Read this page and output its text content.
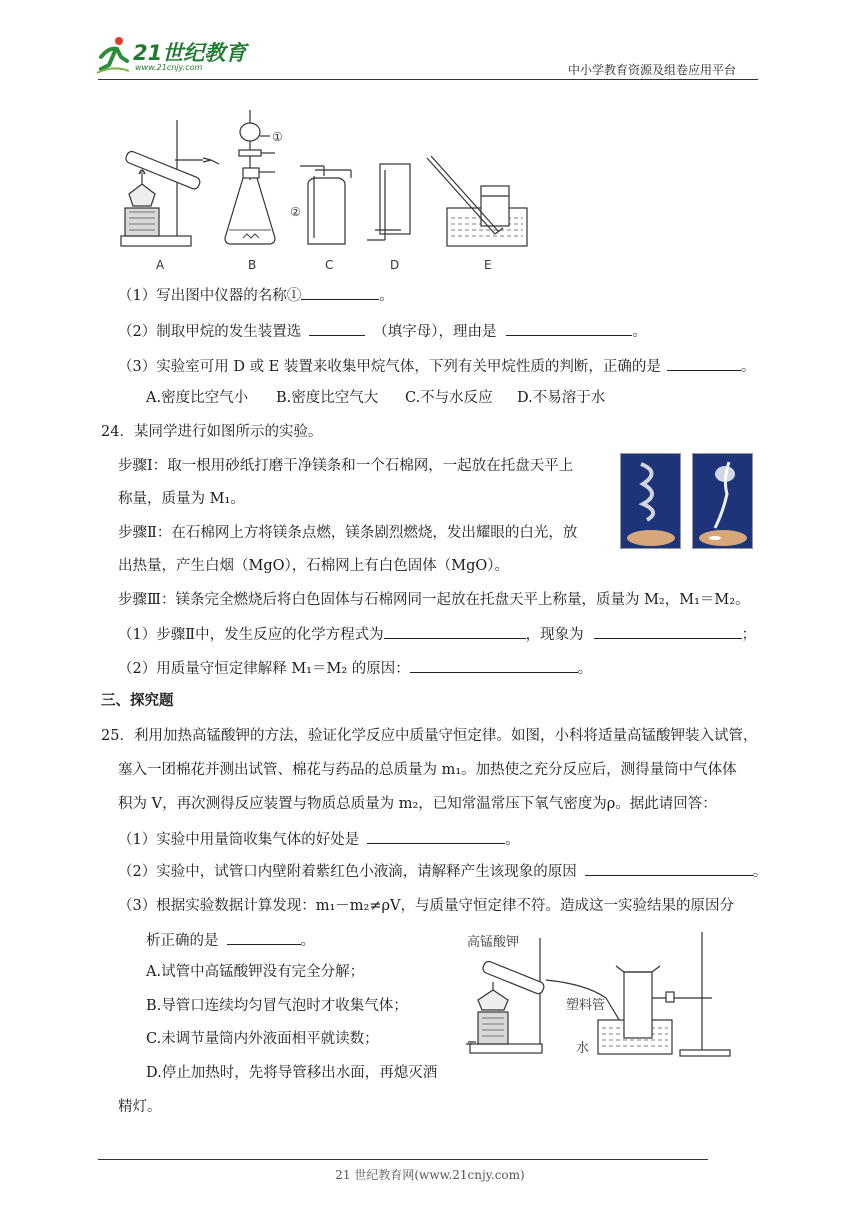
21世纪教育
www.21cnjy.com	中小学教育资源及组卷应用平台
①
②
A	B	C	D	E
（1）写出图中仪器的名称①	。
（2）制取甲烷的发生装置选	（填字母），理由是	。
（3）实验室可用 D 或 E 装置来收集甲烷气体，下列有关甲烷性质的判断，正确的是	。
A.密度比空气小 B.密度比空气大 C.不与水反应 D.不易溶于水
24．某同学进行如图所示的实验。
步骤Ⅰ：取一根用砂纸打磨干净镁条和一个石棉网，一起放在托盘天平上
称量，质量为 M₁。
步骤Ⅱ：在石棉网上方将镁条点燃，镁条剧烈燃烧，发出耀眼的白光，放
出热量，产生白烟（MgO），石棉网上有白色固体（MgO）。
步骤Ⅲ：镁条完全燃烧后将白色固体与石棉网同一起放在托盘天平上称量，质量为 M₂，M₁＝M₂。
（1）步骤Ⅱ中，发生反应的化学方程式为	，现象为	；
（2）用质量守恒定律解释 M₁＝M₂ 的原因：	。
三、探究题
25．利用加热高锰酸钾的方法，验证化学反应中质量守恒定律。如图，小科将适量高锰酸钾装入试管，
塞入一团棉花并测出试管、棉花与药品的总质量为 m₁。加热使之充分反应后，测得量筒中气体体
积为 V，再次测得反应装置与物质总质量为 m₂，已知常温常压下氧气密度为ρ。据此请回答：
（1）实验中用量筒收集气体的好处是	。
（2）实验中，试管口内壁附着紫红色小液滴，请解释产生该现象的原因	。
（3）根据实验数据计算发现：m₁－m₂≠ρV，与质量守恒定律不符。造成这一实验结果的原因分
析正确的是	。
A.试管中高锰酸钾没有完全分解；
B.导管口连续均匀冒气泡时才收集气体；
C.未调节量筒内外液面相平就读数；
D.停止加热时，先将导管移出水面，再熄灭酒
精灯。
高锰酸钾
塑料管
水
21 世纪教育网(www.21cnjy.com)
